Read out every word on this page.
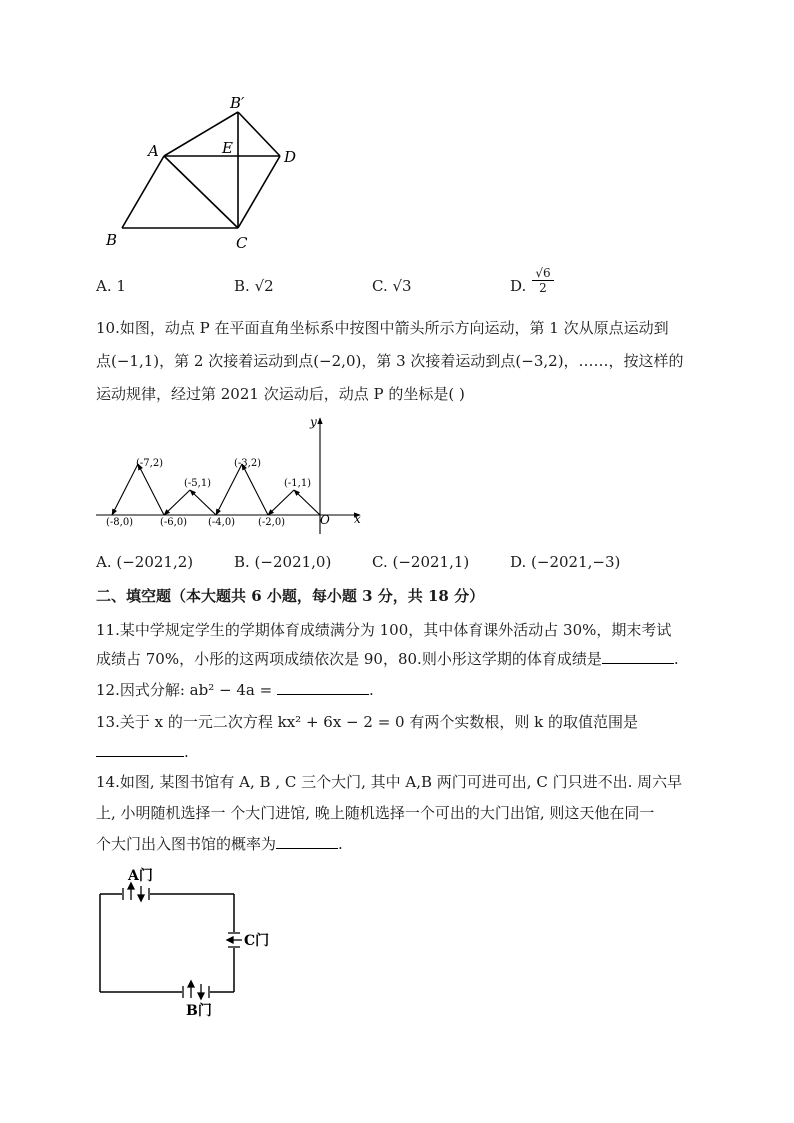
B′
A	E	D
B	C
A. 1	B. √2	C. √3	D. $\frac{√6}{2}$
10.如图，动点 P 在平面直角坐标系中按图中箭头所示方向运动，第 1 次从原点运动到
点(−1,1)，第 2 次接着运动到点(−2,0)，第 3 次接着运动到点(−3,2)，……，按这样的
运动规律，经过第 2021 次运动后，动点 P 的坐标是( )
y
x
O
(-7,2)	(-3,2)
(-5,1)	(-1,1)
(-8,0)	(-6,0) (-4,0) (-2,0)
A. (−2021,2)	B. (−2021,0)	C. (−2021,1)	D. (−2021,−3)
二、填空题（本大题共 6 小题，每小题 3 分，共 18 分）
11.某中学规定学生的学期体育成绩满分为 100，其中体育课外活动占 30%，期末考试
成绩占 70%，小彤的这两项成绩依次是 90，80.则小彤这学期的体育成绩是	.
12.因式分解: ab² − 4a =	.
13.关于 x 的一元二次方程 kx² + 6x − 2 = 0 有两个实数根，则 k 的取值范围是
.
14.如图, 某图书馆有 A, B , C 三个大门, 其中 A,B 两门可进可出, C 门只进不出. 周六早
上, 小明随机选择一 个大门进馆, 晚上随机选择一个可出的大门出馆, 则这天他在同一
个大门出入图书馆的概率为	.
A门
C门
B门
